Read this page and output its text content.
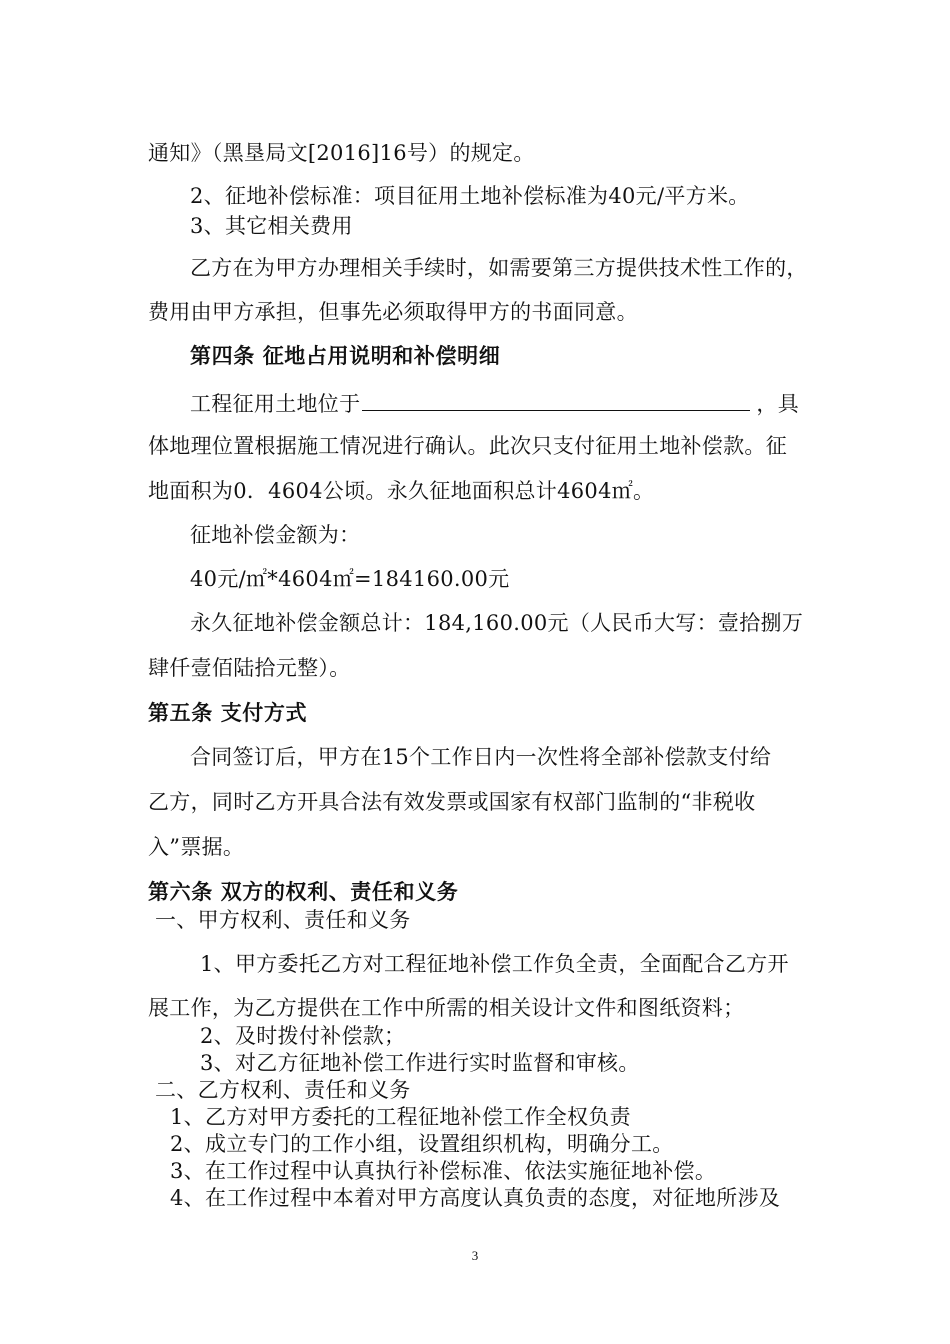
通知》（黑垦局文[2016]16号）的规定。
2、征地补偿标准：项目征用土地补偿标准为40元/平方米。
3、其它相关费用
乙方在为甲方办理相关手续时，如需要第三方提供技术性工作的，
费用由甲方承担，但事先必须取得甲方的书面同意。
第四条 征地占用说明和补偿明细
工程征用土地位于	，具
体地理位置根据施工情况进行确认。此次只支付征用土地补偿款。征
地面积为0．4604公顷。永久征地面积总计4604㎡。
征地补偿金额为：
40元/㎡*4604㎡=184160.00元
永久征地补偿金额总计：184,160.00元（人民币大写：壹拾捌万
肆仟壹佰陆拾元整）。
第五条 支付方式
合同签订后，甲方在15个工作日内一次性将全部补偿款支付给
乙方，同时乙方开具合法有效发票或国家有权部门监制的“非税收
入”票据。
第六条 双方的权利、责任和义务
一、甲方权利、责任和义务
1、甲方委托乙方对工程征地补偿工作负全责，全面配合乙方开
展工作，为乙方提供在工作中所需的相关设计文件和图纸资料；
2、及时拨付补偿款；
3、对乙方征地补偿工作进行实时监督和审核。
二、乙方权利、责任和义务
1、乙方对甲方委托的工程征地补偿工作全权负责
2、成立专门的工作小组，设置组织机构，明确分工。
3、在工作过程中认真执行补偿标准、依法实施征地补偿。
4、在工作过程中本着对甲方高度认真负责的态度，对征地所涉及
3
